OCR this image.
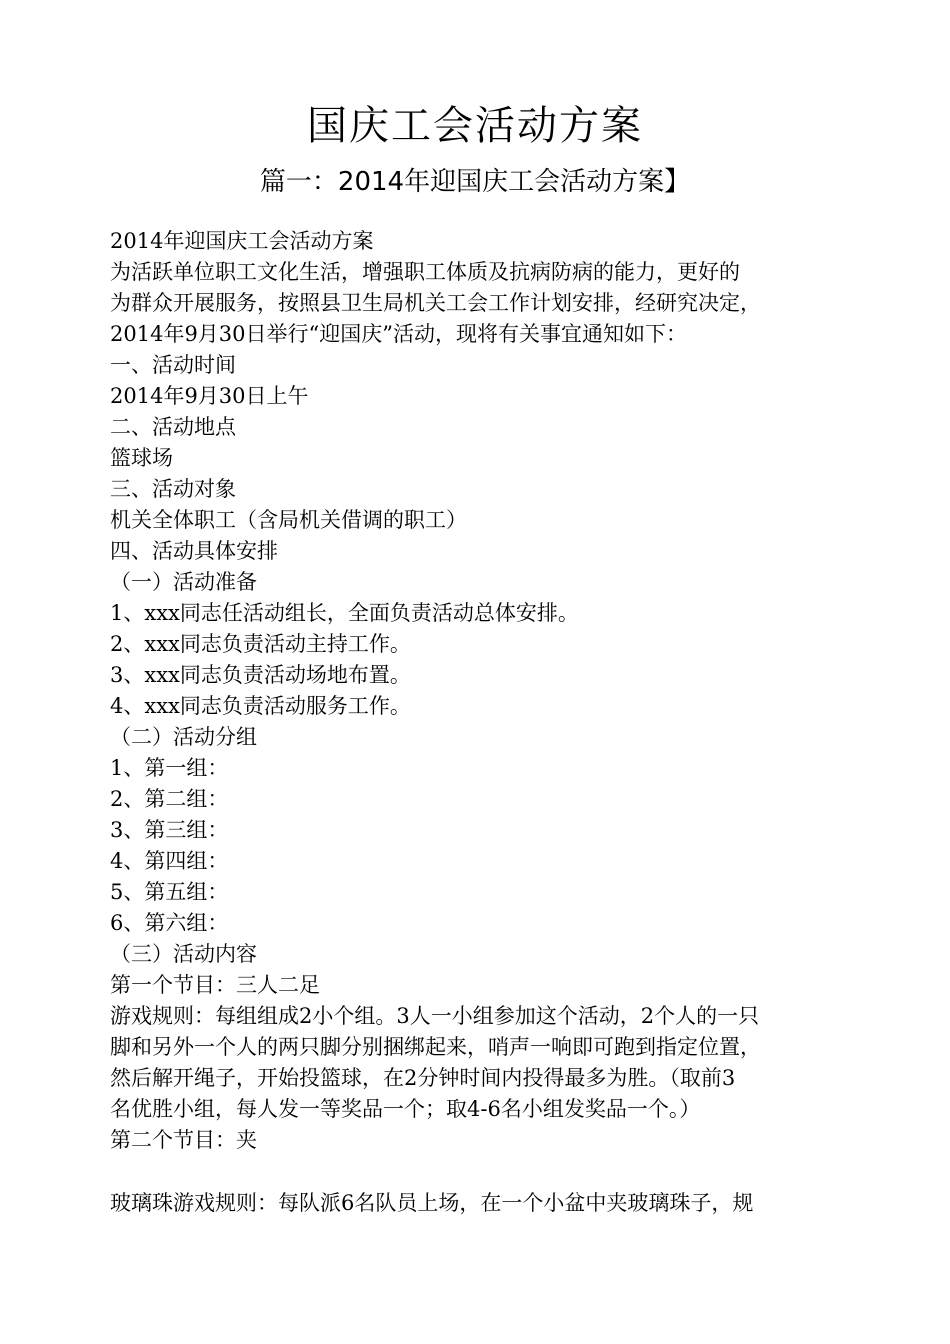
国庆工会活动方案
篇一：2014年迎国庆工会活动方案】
2014年迎国庆工会活动方案
为活跃单位职工文化生活，增强职工体质及抗病防病的能力，更好的
为群众开展服务，按照县卫生局机关工会工作计划安排，经研究决定，
2014年9月30日举行“迎国庆”活动，现将有关事宜通知如下：
一、活动时间
2014年9月30日上午
二、活动地点
篮球场
三、活动对象
机关全体职工（含局机关借调的职工）
四、活动具体安排
（一）活动准备
1、xxx同志任活动组长，全面负责活动总体安排。
2、xxx同志负责活动主持工作。
3、xxx同志负责活动场地布置。
4、xxx同志负责活动服务工作。
（二）活动分组
1、第一组：
2、第二组：
3、第三组：
4、第四组：
5、第五组：
6、第六组：
（三）活动内容
第一个节目：三人二足
游戏规则：每组组成2小个组。3人一小组参加这个活动，2个人的一只
脚和另外一个人的两只脚分别捆绑起来，哨声一响即可跑到指定位置，
然后解开绳子，开始投篮球，在2分钟时间内投得最多为胜。（取前3
名优胜小组，每人发一等奖品一个；取4-6名小组发奖品一个。）
第二个节目：夹
玻璃珠游戏规则：每队派6名队员上场，在一个小盆中夹玻璃珠子，规
